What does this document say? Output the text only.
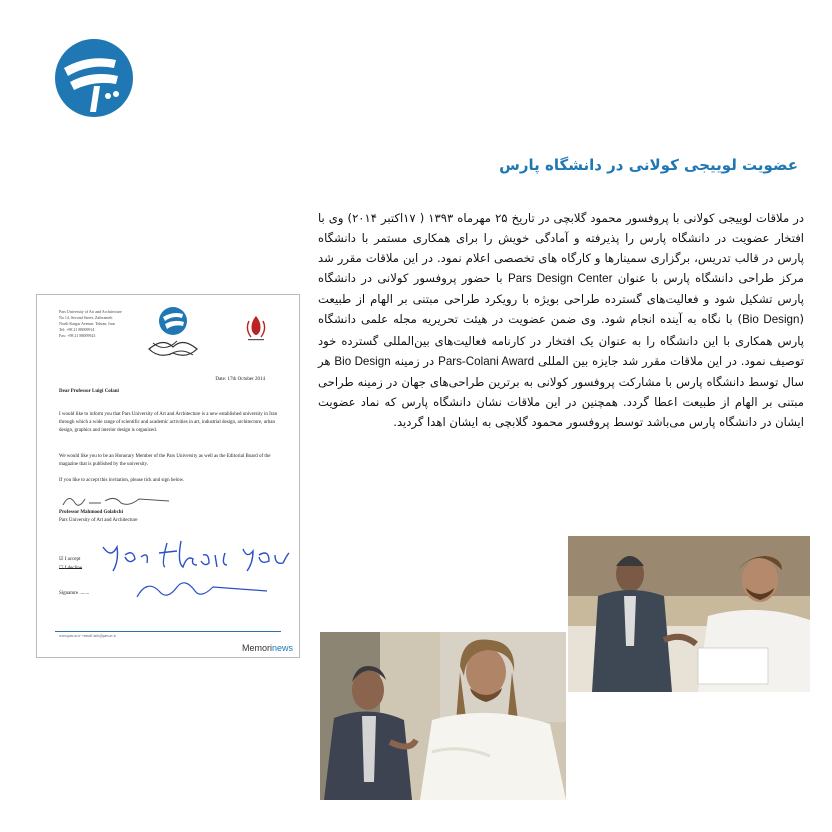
عضویت لوییجی کولانی در دانشگاه پارس

در ملاقات لوییجی کولانی با پروفسور محمود گلابچی در تاریخ ۲۵ مهرماه ۱۳۹۳ ( ۱۷اکتبر ۲۰۱۴) وی با افتخار عضویت در دانشگاه پارس را پذیرفته و آمادگی خویش را برای همکاری مستمر با دانشگاه پارس در قالب تدریس، برگزاری سمینارها و کارگاه های تخصصی اعلام نمود. در این ملاقات مقرر شد مرکز طراحی دانشگاه پارس با عنوان Pars Design Center با حضور پروفسور کولانی در دانشگاه پارس تشکیل شود و فعالیت‌های گسترده طراحی بویژه با رویکرد طراحی مبتنی بر الهام از طبیعت (Bio Design) با نگاه به آینده انجام شود. وی ضمن عضویت در هیئت تحریریه مجله علمی دانشگاه پارس همکاری با این دانشگاه را به عنوان یک افتخار در کارنامه فعالیت‌های بین‌المللی گسترده خود توصیف نمود. در این ملاقات مقرر شد جایزه بین المللی Pars-Colani Award در زمینه Bio Design هر سال توسط دانشگاه پارس با مشارکت پروفسور کولانی به برترین طراحی‌های جهان در زمینه طراحی مبتنی بر الهام از طبیعت اعطا گردد. همچنین در این ملاقات نشان دانشگاه پارس که نماد عضویت ایشان در دانشگاه پارس می‌باشد توسط پروفسور محمود گلابچی به ایشان اهدا گردید.

Pars University of Art and Architecture
No 14, Second Street, Zaferanieh
North Kargar Avenue, Tehran, Iran
Tel: +98 21 88009914
Fax: +98 21 88009923
Date: 17th October 2014
Dear Professor Luigi Colani
I would like to inform you that Pars University of Art and Architecture is a new established university in Iran through which a wide range of scientific and academic activities in art, industrial design, architecture, urban design, graphics and interior design is organized.
We would like you to be an Honorary Member of the Pars University as well as the Editorial Board of the magazine that is published by the university.
If you like to accept this invitation, please tick and sign below.
Professor Mahmood Golabchi
Pars University of Art and Architecture
☑ I accept
☐ I decline
Signature ........
yes thank you
www.pars.ac.ir • email: info@pars.ac.ir
Memorinews
